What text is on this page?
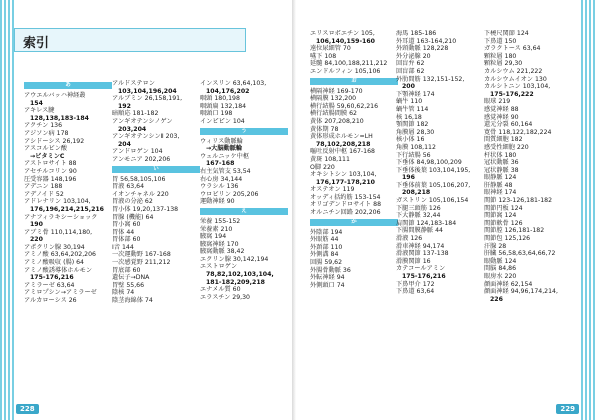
索引
あ
アウエルバッハ神経叢
154
アキレス腱
128,138,183-184
アクチン 136
アジソン病 178
アシドーシス 26,192
アスコルビン酸
→ビタミンC
アストロサイト 88
アセチルコリン 90
圧受容器 148,196
アデニン 188
アデノイド 52
アドレナリン 103,104,
176,196,214,215,216
アナフィラキシーショック
190
アブミ骨 110,114,180,
220
アポクリン腺 30,194
アミノ酸 63,64,202,206
アミノ酸吸収 (腸) 64
アミノ酸誘導体ホルモン
175-176,216
アミラーゼ 63,64
アミロプシン→アミラーゼ
アルカローシス 26
アルドステロン
103,104,196,204
アルブミン 26,158,191,
192
暗順応 181-182
アンギオテンシノゲン
203,204
アンギオテンシンⅡ 203,
204
アンドロゲン 104
アンモニア 202,206
い
胃 56,58,105,106
胃液 63,64
イオンチャネル 220
胃液の分泌 62
胃小体 19,20,137-138
胃腺 (機能) 64
胃小窩 60
胃体 44
胃体部 60
Ⅰ音 144
一次運動野 167-168
一次感覚野 211,212
胃底部 60
遺伝子→DNA
胃壁 55,66
陰核 74
陰茎海綿体 74
インスリン 63,64,103,
104,176,202
咽頭 180,198
咽頭扁 132,184
咽頭口 198
インピピン 104
う
ウィリス動脈輪
→大脳動脈輪
ウェルニッケ中枢
167-168
右主気管支 53,54
右心房 34,144
ウラシル 136
ウロビリン 205,206
運動神経 90
え
栄養 155-152
栄養素 210
腋窩 194
腋窩神経 170
腋窩動脈 38,42
エクリン腺 30,142,194
エストロゲン
78,82,102,103,104,
181-182,209,218
エナメル質 60
エラスチン 29,30
エリスロポエチン 105,
106,140,159-160
遠位尿細管 70
嚥下 108
延髄 84,100,188,211,212
エンドルフィン 105,106
お
横隔神経 169-170
横隔膜 132,200
横行結腸 59,60,62,216
横行結腸間膜 62
黄体 207,208,210
黄体期 78
黄体形成ホルモン=LH
78,102,208,218
嘔吐反射中枢 167-168
黄斑 108,111
O脚 220
オキシトシン 103,104,
176,177-178,210
オステオン 119
オッディ括約筋 153-154
オリゴデンドロサイト 88
オルニチン回路 202,206
か
外陰部 194
外眼筋 44
外頚部 110
外側溝 84
回腸 59,62
外腸骨動脈 36
外転神経 94
外側頭口 74
海馬 185-186
外耳道 163-164,210
外頸動脈 128,228
外分泌腺 20
回盲弁 62
回盲部 62
外肋間筋 132,151-152,
200
下顎神経 174
蝸牛 110
蝸牛管 114
核 16,18
顎関節 182
角膜層 28,30
核小体 16
角膜 108,112
下行結腸 56
下垂体 84,98,100,209
下垂体後葉 103,104,195,
196
下垂体前葉 105,106,207,
208,218
ガストリン 105,106,154
下腿三頭筋 126
下大静脈 32,44
肩関節 124,183-184
下腸間膜静脈 44
滑液 126
滑車神経 94,174
滑液関節 137-138
滑膜関節 16
カテコールアミン
175-176,216
下鼻甲介 172
下鼻道 63,64
下橈尺関節 124
下鼻道 150
ガラクトース 63,64
顆粒層 180
顆粒層 29,30
カルシウム 221,222
カルシウムイオン 130
カルシトニン 103,104,
175-176,222
眼球 219
感覚神経 88
感覚神経 90
還元分裂 60,164
寛骨 118,122,182,224
間質細胞 182
感受性細胞 220
杆状体 180
冠状動脈 36
冠状静脈 38
眼静脈 124
肝静脈 48
眼神経 174
関節 123-126,181-182
関節円板 124
関節窩 124
関節軟骨 126
関節腔 126,181-182
関節包 125,126
汗腺 28
肝臓 56,58,63,64,66,72
眼動脈 124
間脳 84,86
眼房水 220
顔面神経 62,154
顔面神経 94,96,174,214,
226
228	229
